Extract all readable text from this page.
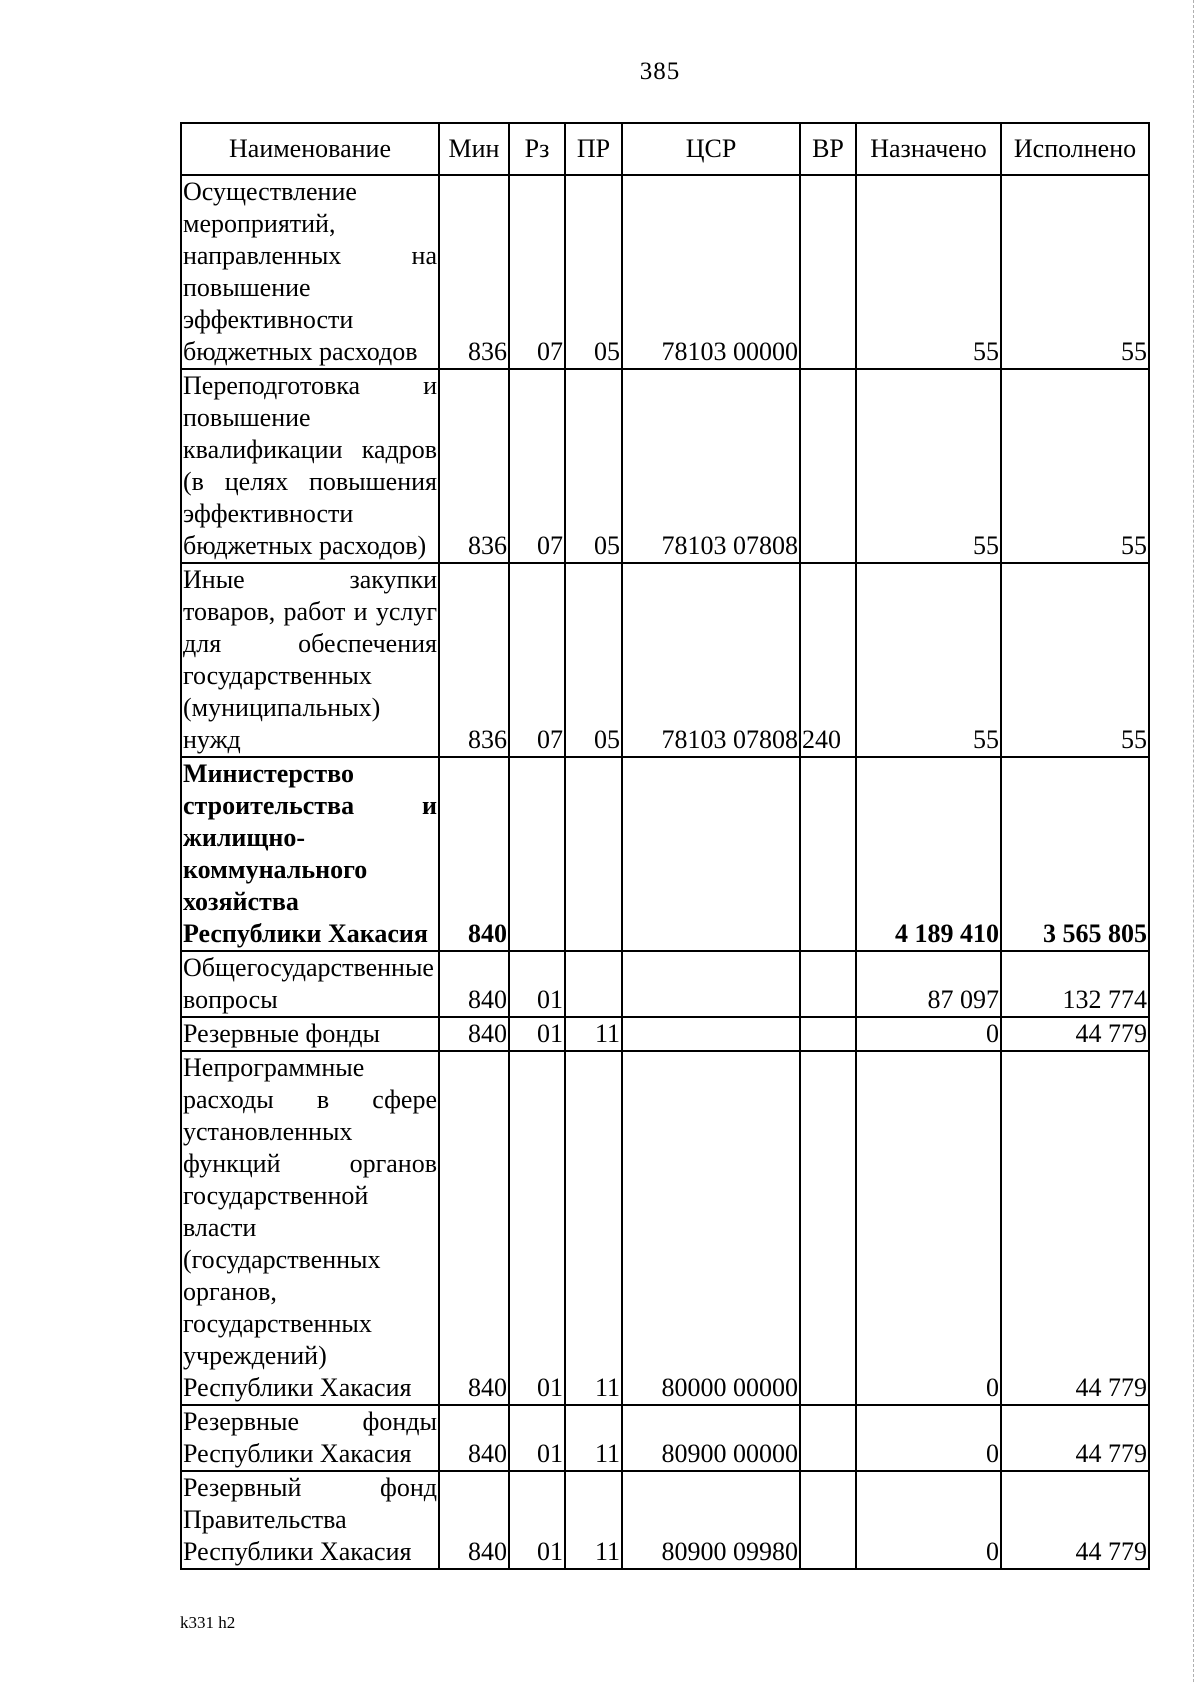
385
Наименование	Мин	Рз	ПР	ЦСР	ВР	Назначено	Исполнено
Осуществление мероприятий, направленных на повышение эффективности бюджетных расходов	836	07	05	78103 00000		55	55
Переподготовка и повышение квалификации кадров (в целях повышения эффективности бюджетных расходов)	836	07	05	78103 07808		55	55
Иные закупки товаров, работ и услуг для обеспечения государственных (муниципальных) нужд	836	07	05	78103 07808	240	55	55
Министерство строительства и жилищно-коммунального хозяйства Республики Хакасия	840					4 189 410	3 565 805
Общегосударственные вопросы	840	01				87 097	132 774
Резервные фонды	840	01	11			0	44 779
Непрограммные расходы в сфере установленных функций органов государственной власти (государственных органов, государственных учреждений) Республики Хакасия	840	01	11	80000 00000		0	44 779
Резервные фонды Республики Хакасия	840	01	11	80900 00000		0	44 779
Резервный фонд Правительства Республики Хакасия	840	01	11	80900 09980		0	44 779
k331 h2
